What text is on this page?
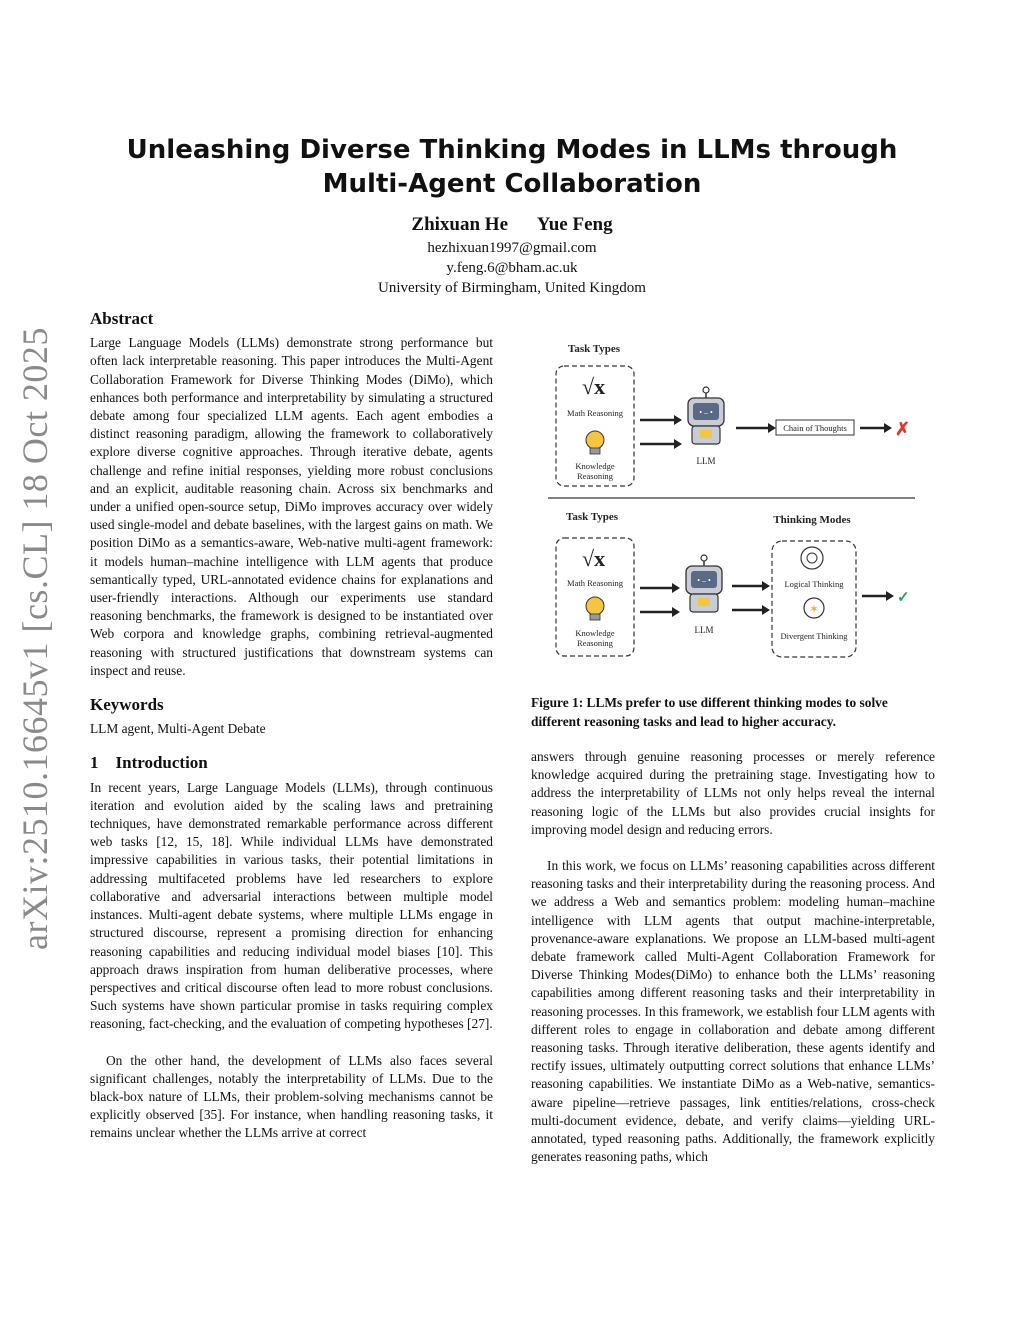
arXiv:2510.16645v1 [cs.CL] 18 Oct 2025
Unleashing Diverse Thinking Modes in LLMs through
Multi-Agent Collaboration
Zhixuan He Yue Feng
hezhixuan1997@gmail.com
y.feng.6@bham.ac.uk
University of Birmingham, United Kingdom
Abstract

Large Language Models (LLMs) demonstrate strong performance but often lack interpretable reasoning. This paper introduces the Multi-Agent Collaboration Framework for Diverse Thinking Modes (DiMo), which enhances both performance and interpretability by simulating a structured debate among four specialized LLM agents. Each agent embodies a distinct reasoning paradigm, allowing the framework to collaboratively explore diverse cognitive approaches. Through iterative debate, agents challenge and refine initial responses, yielding more robust conclusions and an explicit, auditable reasoning chain. Across six benchmarks and under a unified open-source setup, DiMo improves accuracy over widely used single-model and debate baselines, with the largest gains on math. We position DiMo as a semantics-aware, Web-native multi-agent framework: it models human–machine intelligence with LLM agents that produce semantically typed, URL-annotated evidence chains for explanations and user-friendly interactions. Although our experiments use standard reasoning benchmarks, the framework is designed to be instantiated over Web corpora and knowledge graphs, combining retrieval-augmented reasoning with structured justifications that downstream systems can inspect and reuse.

Keywords

LLM agent, Multi-Agent Debate

1    Introduction

In recent years, Large Language Models (LLMs), through continuous iteration and evolution aided by the scaling laws and pretraining techniques, have demonstrated remarkable performance across different web tasks [12, 15, 18]. While individual LLMs have demonstrated impressive capabilities in various tasks, their potential limitations in addressing multifaceted problems have led researchers to explore collaborative and adversarial interactions between multiple model instances. Multi-agent debate systems, where multiple LLMs engage in structured discourse, represent a promising direction for enhancing reasoning capabilities and reducing individual model biases [10]. This approach draws inspiration from human deliberative processes, where perspectives and critical discourse often lead to more robust conclusions. Such systems have shown particular promise in tasks requiring complex reasoning, fact-checking, and the evaluation of competing hypotheses [27].

On the other hand, the development of LLMs also faces several significant challenges, notably the interpretability of LLMs. Due to the black-box nature of LLMs, their problem-solving mechanisms cannot be explicitly observed [35]. For instance, when handling reasoning tasks, it remains unclear whether the LLMs arrive at correct

Task Types
√x
Math Reasoning
Knowledge
Reasoning
• – •
LLM
Chain of Thoughts	✗
Task Types	Thinking Modes
√x
Math Reasoning
Knowledge
Reasoning
• – •
LLM
Logical Thinking
✶
Divergent Thinking
✓
Figure 1: LLMs prefer to use different thinking modes to solve different reasoning tasks and lead to higher accuracy.

answers through genuine reasoning processes or merely reference knowledge acquired during the pretraining stage. Investigating how to address the interpretability of LLMs not only helps reveal the internal reasoning logic of the LLMs but also provides crucial insights for improving model design and reducing errors.

In this work, we focus on LLMs’ reasoning capabilities across different reasoning tasks and their interpretability during the reasoning process. And we address a Web and semantics problem: modeling human–machine intelligence with LLM agents that output machine-interpretable, provenance-aware explanations. We propose an LLM-based multi-agent debate framework called Multi-Agent Collaboration Framework for Diverse Thinking Modes(DiMo) to enhance both the LLMs’ reasoning capabilities among different reasoning tasks and their interpretability in reasoning processes. In this framework, we establish four LLM agents with different roles to engage in collaboration and debate among different reasoning tasks. Through iterative deliberation, these agents identify and rectify issues, ultimately outputting correct solutions that enhance LLMs’ reasoning capabilities. We instantiate DiMo as a Web-native, semantics-aware pipeline—retrieve passages, link entities/relations, cross-check multi-document evidence, debate, and verify claims—yielding URL-annotated, typed reasoning paths. Additionally, the framework explicitly generates reasoning paths, which
